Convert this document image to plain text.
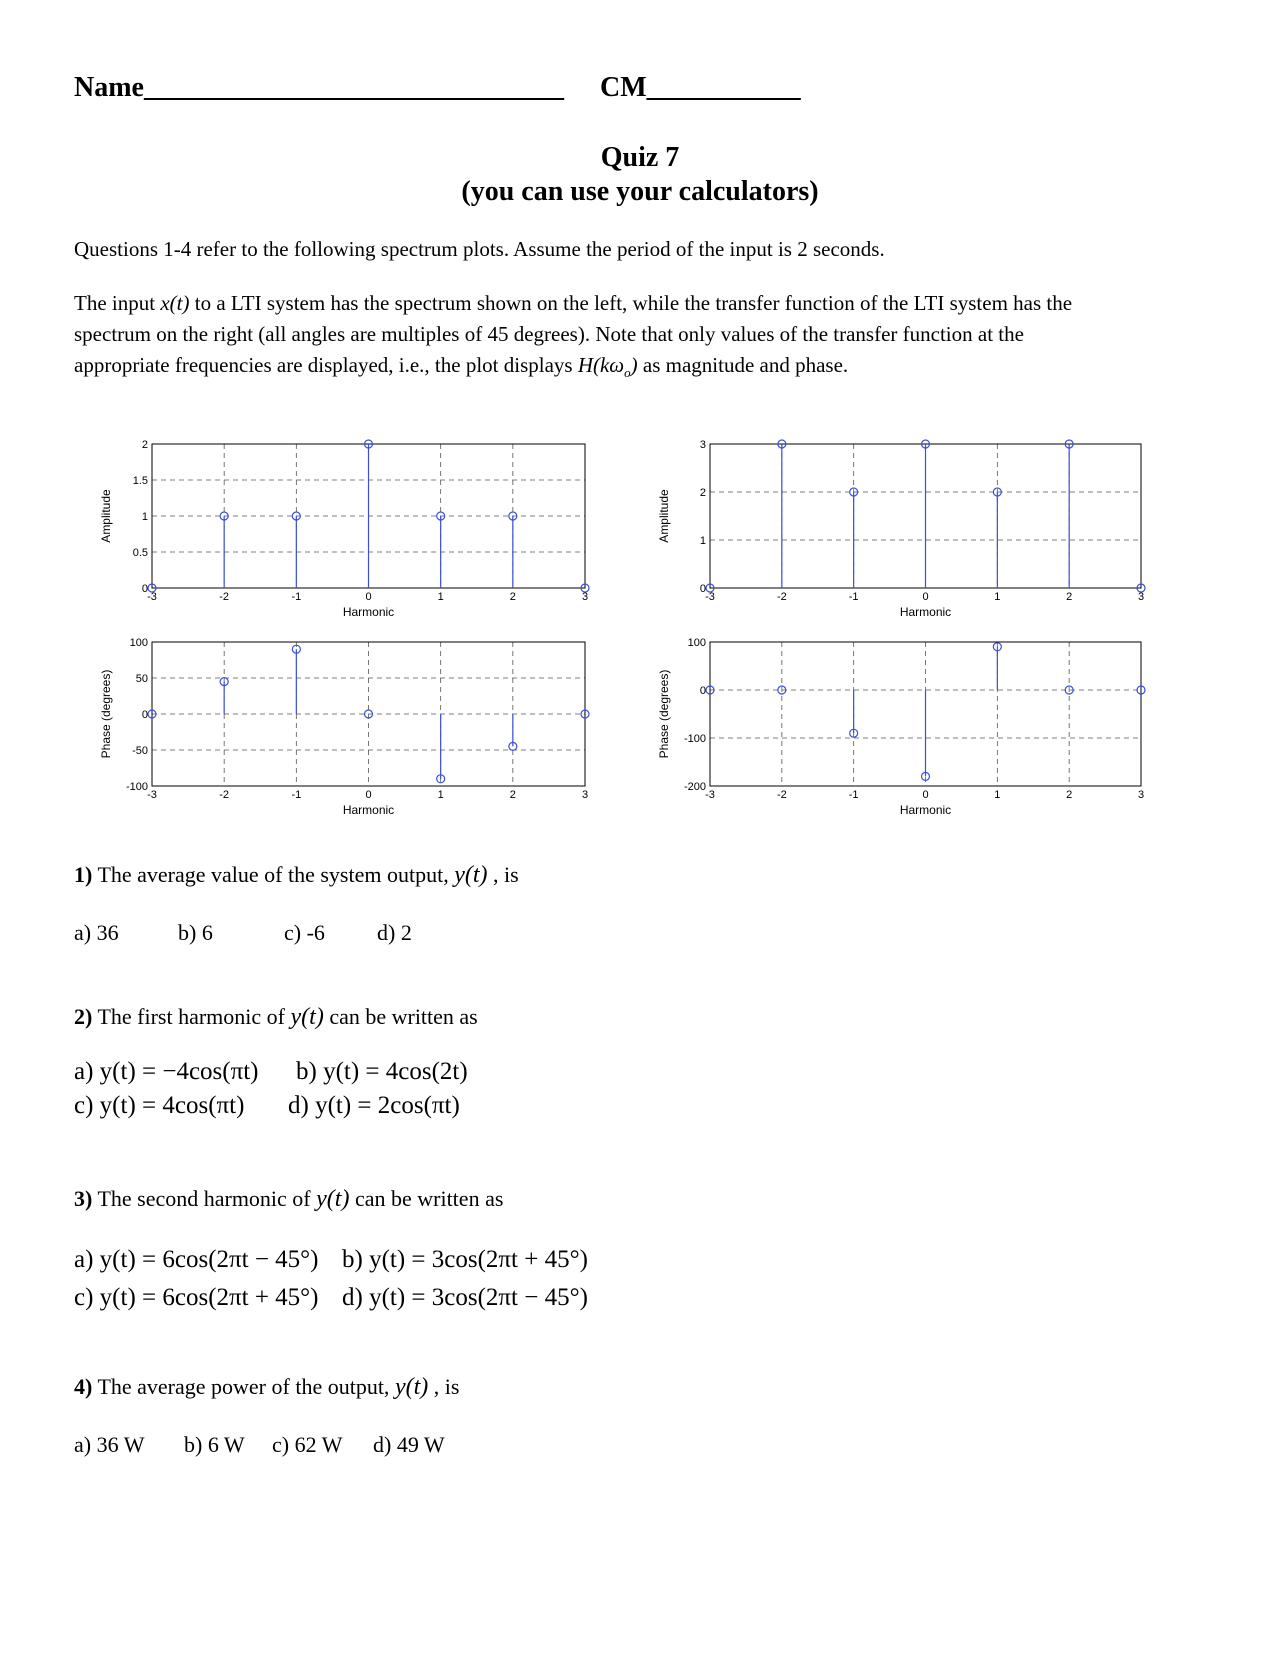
Name______________________________ CM___________
Quiz 7
(you can use your calculators)
Questions 1-4 refer to the following spectrum plots. Assume the period of the input is 2 seconds.
The input x(t) to a LTI system has the spectrum shown on the left, while the transfer function of the LTI system has the
spectrum on the right (all angles are multiples of 45 degrees). Note that only values of the transfer function at the
appropriate frequencies are displayed, i.e., the plot displays $H(k\omega_o)$ as magnitude and phase.
-3	-2	-1	0	1	2	3
0
0.5
1
1.5
2
Harmonic
Amplitude
-3	-2	-1	0	1	2	3
0
1
2
3
Harmonic
Amplitude
-3	-2	-1	0	1	2	3
-100
-50
0
50
100
Harmonic
Phase (degrees)
-3	-2	-1	0	1	2	3
-200
-100
0
100
Harmonic
Phase (degrees)
1) The average value of the system output, y(t) , is
a) 36	b) 6	c) -6 d) 2
2) The first harmonic of y(t) can be written as
a) y(t) = −4cos(πt) b) y(t) = 4cos(2t)
c) y(t) = 4cos(πt) d) y(t) = 2cos(πt)
3) The second harmonic of y(t) can be written as
a) y(t) = 6cos(2πt − 45°) b) y(t) = 3cos(2πt + 45°)
c) y(t) = 6cos(2πt + 45°) d) y(t) = 3cos(2πt − 45°)
4) The average power of the output, y(t) , is
a) 36 W b) 6 W c) 62 W d) 49 W
